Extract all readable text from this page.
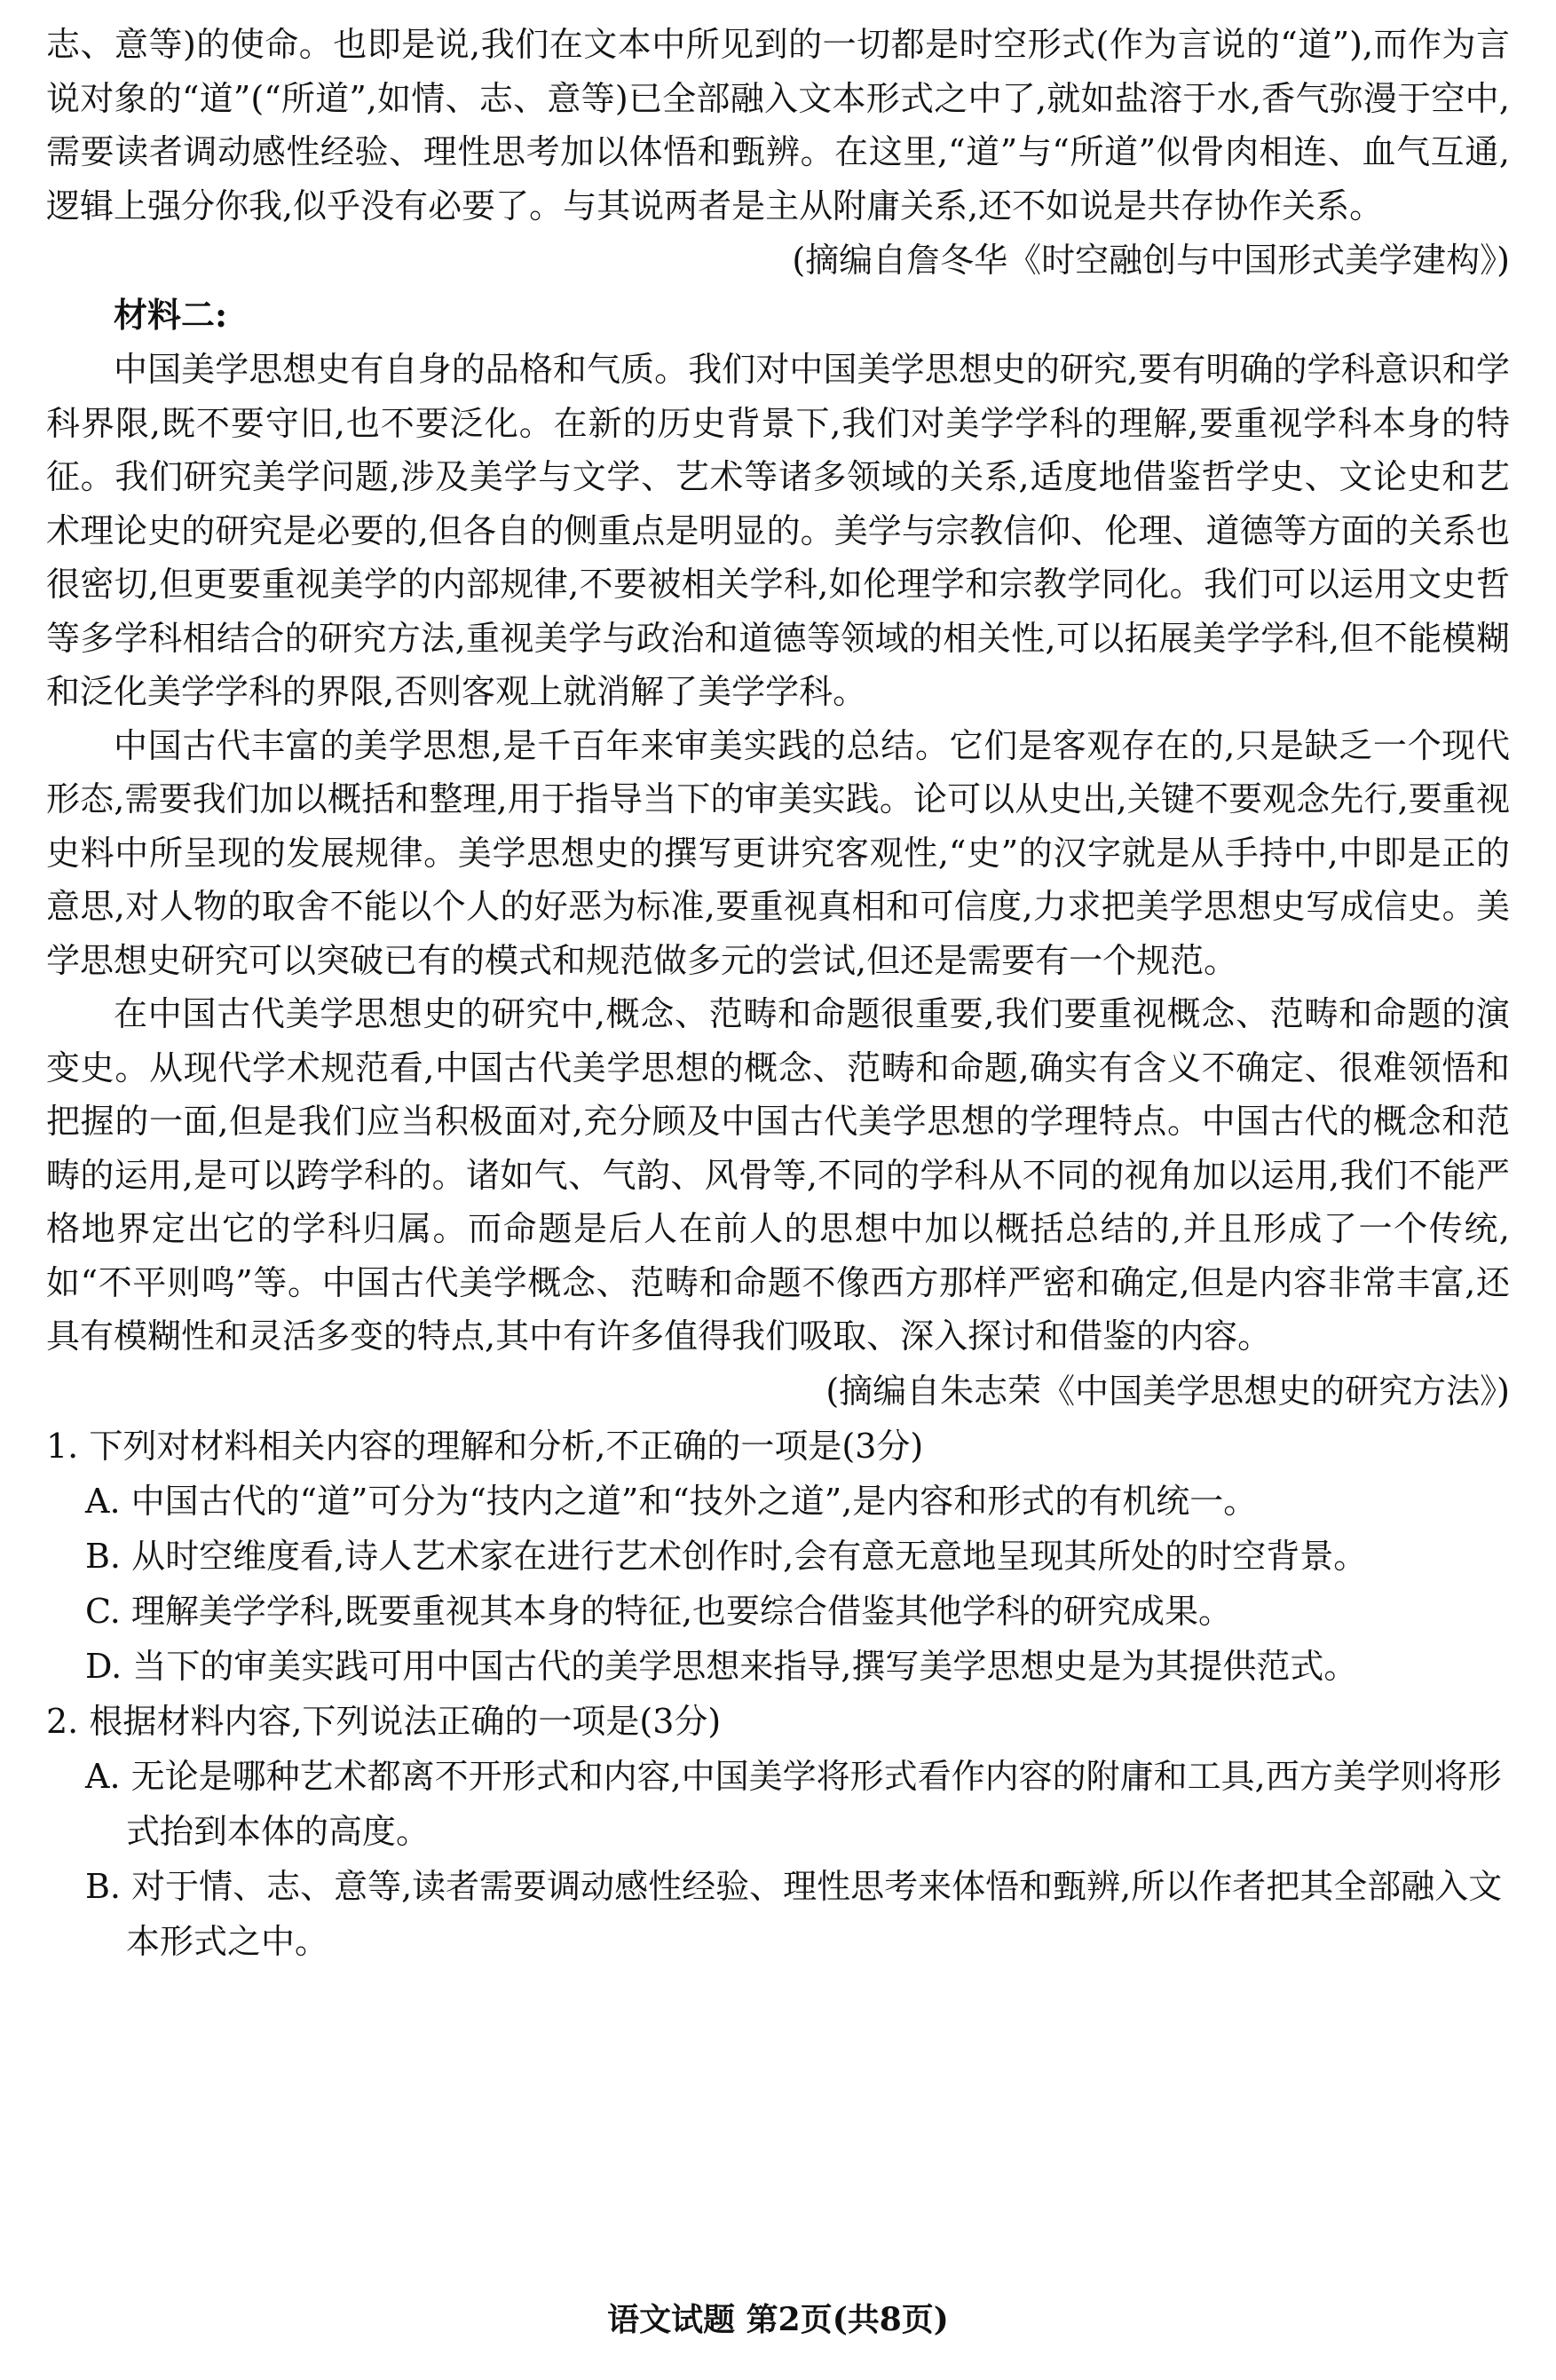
志、意等)的使命。也即是说,我们在文本中所见到的一切都是时空形式(作为言说的“道”),而作为言说对象的“道”(“所道”,如情、志、意等)已全部融入文本形式之中了,就如盐溶于水,香气弥漫于空中,需要读者调动感性经验、理性思考加以体悟和甄辨。在这里,“道”与“所道”似骨肉相连、血气互通,逻辑上强分你我,似乎没有必要了。与其说两者是主从附庸关系,还不如说是共存协作关系。

(摘编自詹冬华《时空融创与中国形式美学建构》)

材料二:

中国美学思想史有自身的品格和气质。我们对中国美学思想史的研究,要有明确的学科意识和学科界限,既不要守旧,也不要泛化。在新的历史背景下,我们对美学学科的理解,要重视学科本身的特征。我们研究美学问题,涉及美学与文学、艺术等诸多领域的关系,适度地借鉴哲学史、文论史和艺术理论史的研究是必要的,但各自的侧重点是明显的。美学与宗教信仰、伦理、道德等方面的关系也很密切,但更要重视美学的内部规律,不要被相关学科,如伦理学和宗教学同化。我们可以运用文史哲等多学科相结合的研究方法,重视美学与政治和道德等领域的相关性,可以拓展美学学科,但不能模糊和泛化美学学科的界限,否则客观上就消解了美学学科。

中国古代丰富的美学思想,是千百年来审美实践的总结。它们是客观存在的,只是缺乏一个现代形态,需要我们加以概括和整理,用于指导当下的审美实践。论可以从史出,关键不要观念先行,要重视史料中所呈现的发展规律。美学思想史的撰写更讲究客观性,“史”的汉字就是从手持中,中即是正的意思,对人物的取舍不能以个人的好恶为标准,要重视真相和可信度,力求把美学思想史写成信史。美学思想史研究可以突破已有的模式和规范做多元的尝试,但还是需要有一个规范。

在中国古代美学思想史的研究中,概念、范畴和命题很重要,我们要重视概念、范畴和命题的演变史。从现代学术规范看,中国古代美学思想的概念、范畴和命题,确实有含义不确定、很难领悟和把握的一面,但是我们应当积极面对,充分顾及中国古代美学思想的学理特点。中国古代的概念和范畴的运用,是可以跨学科的。诸如气、气韵、风骨等,不同的学科从不同的视角加以运用,我们不能严格地界定出它的学科归属。而命题是后人在前人的思想中加以概括总结的,并且形成了一个传统,如“不平则鸣”等。中国古代美学概念、范畴和命题不像西方那样严密和确定,但是内容非常丰富,还具有模糊性和灵活多变的特点,其中有许多值得我们吸取、深入探讨和借鉴的内容。

(摘编自朱志荣《中国美学思想史的研究方法》)

1. 下列对材料相关内容的理解和分析,不正确的一项是(3分)

A. 中国古代的“道”可分为“技内之道”和“技外之道”,是内容和形式的有机统一。

B. 从时空维度看,诗人艺术家在进行艺术创作时,会有意无意地呈现其所处的时空背景。

C. 理解美学学科,既要重视其本身的特征,也要综合借鉴其他学科的研究成果。

D. 当下的审美实践可用中国古代的美学思想来指导,撰写美学思想史是为其提供范式。

2. 根据材料内容,下列说法正确的一项是(3分)

A. 无论是哪种艺术都离不开形式和内容,中国美学将形式看作内容的附庸和工具,西方美学则将形式抬到本体的高度。

B. 对于情、志、意等,读者需要调动感性经验、理性思考来体悟和甄辨,所以作者把其全部融入文本形式之中。

语文试题 第2页(共8页)
